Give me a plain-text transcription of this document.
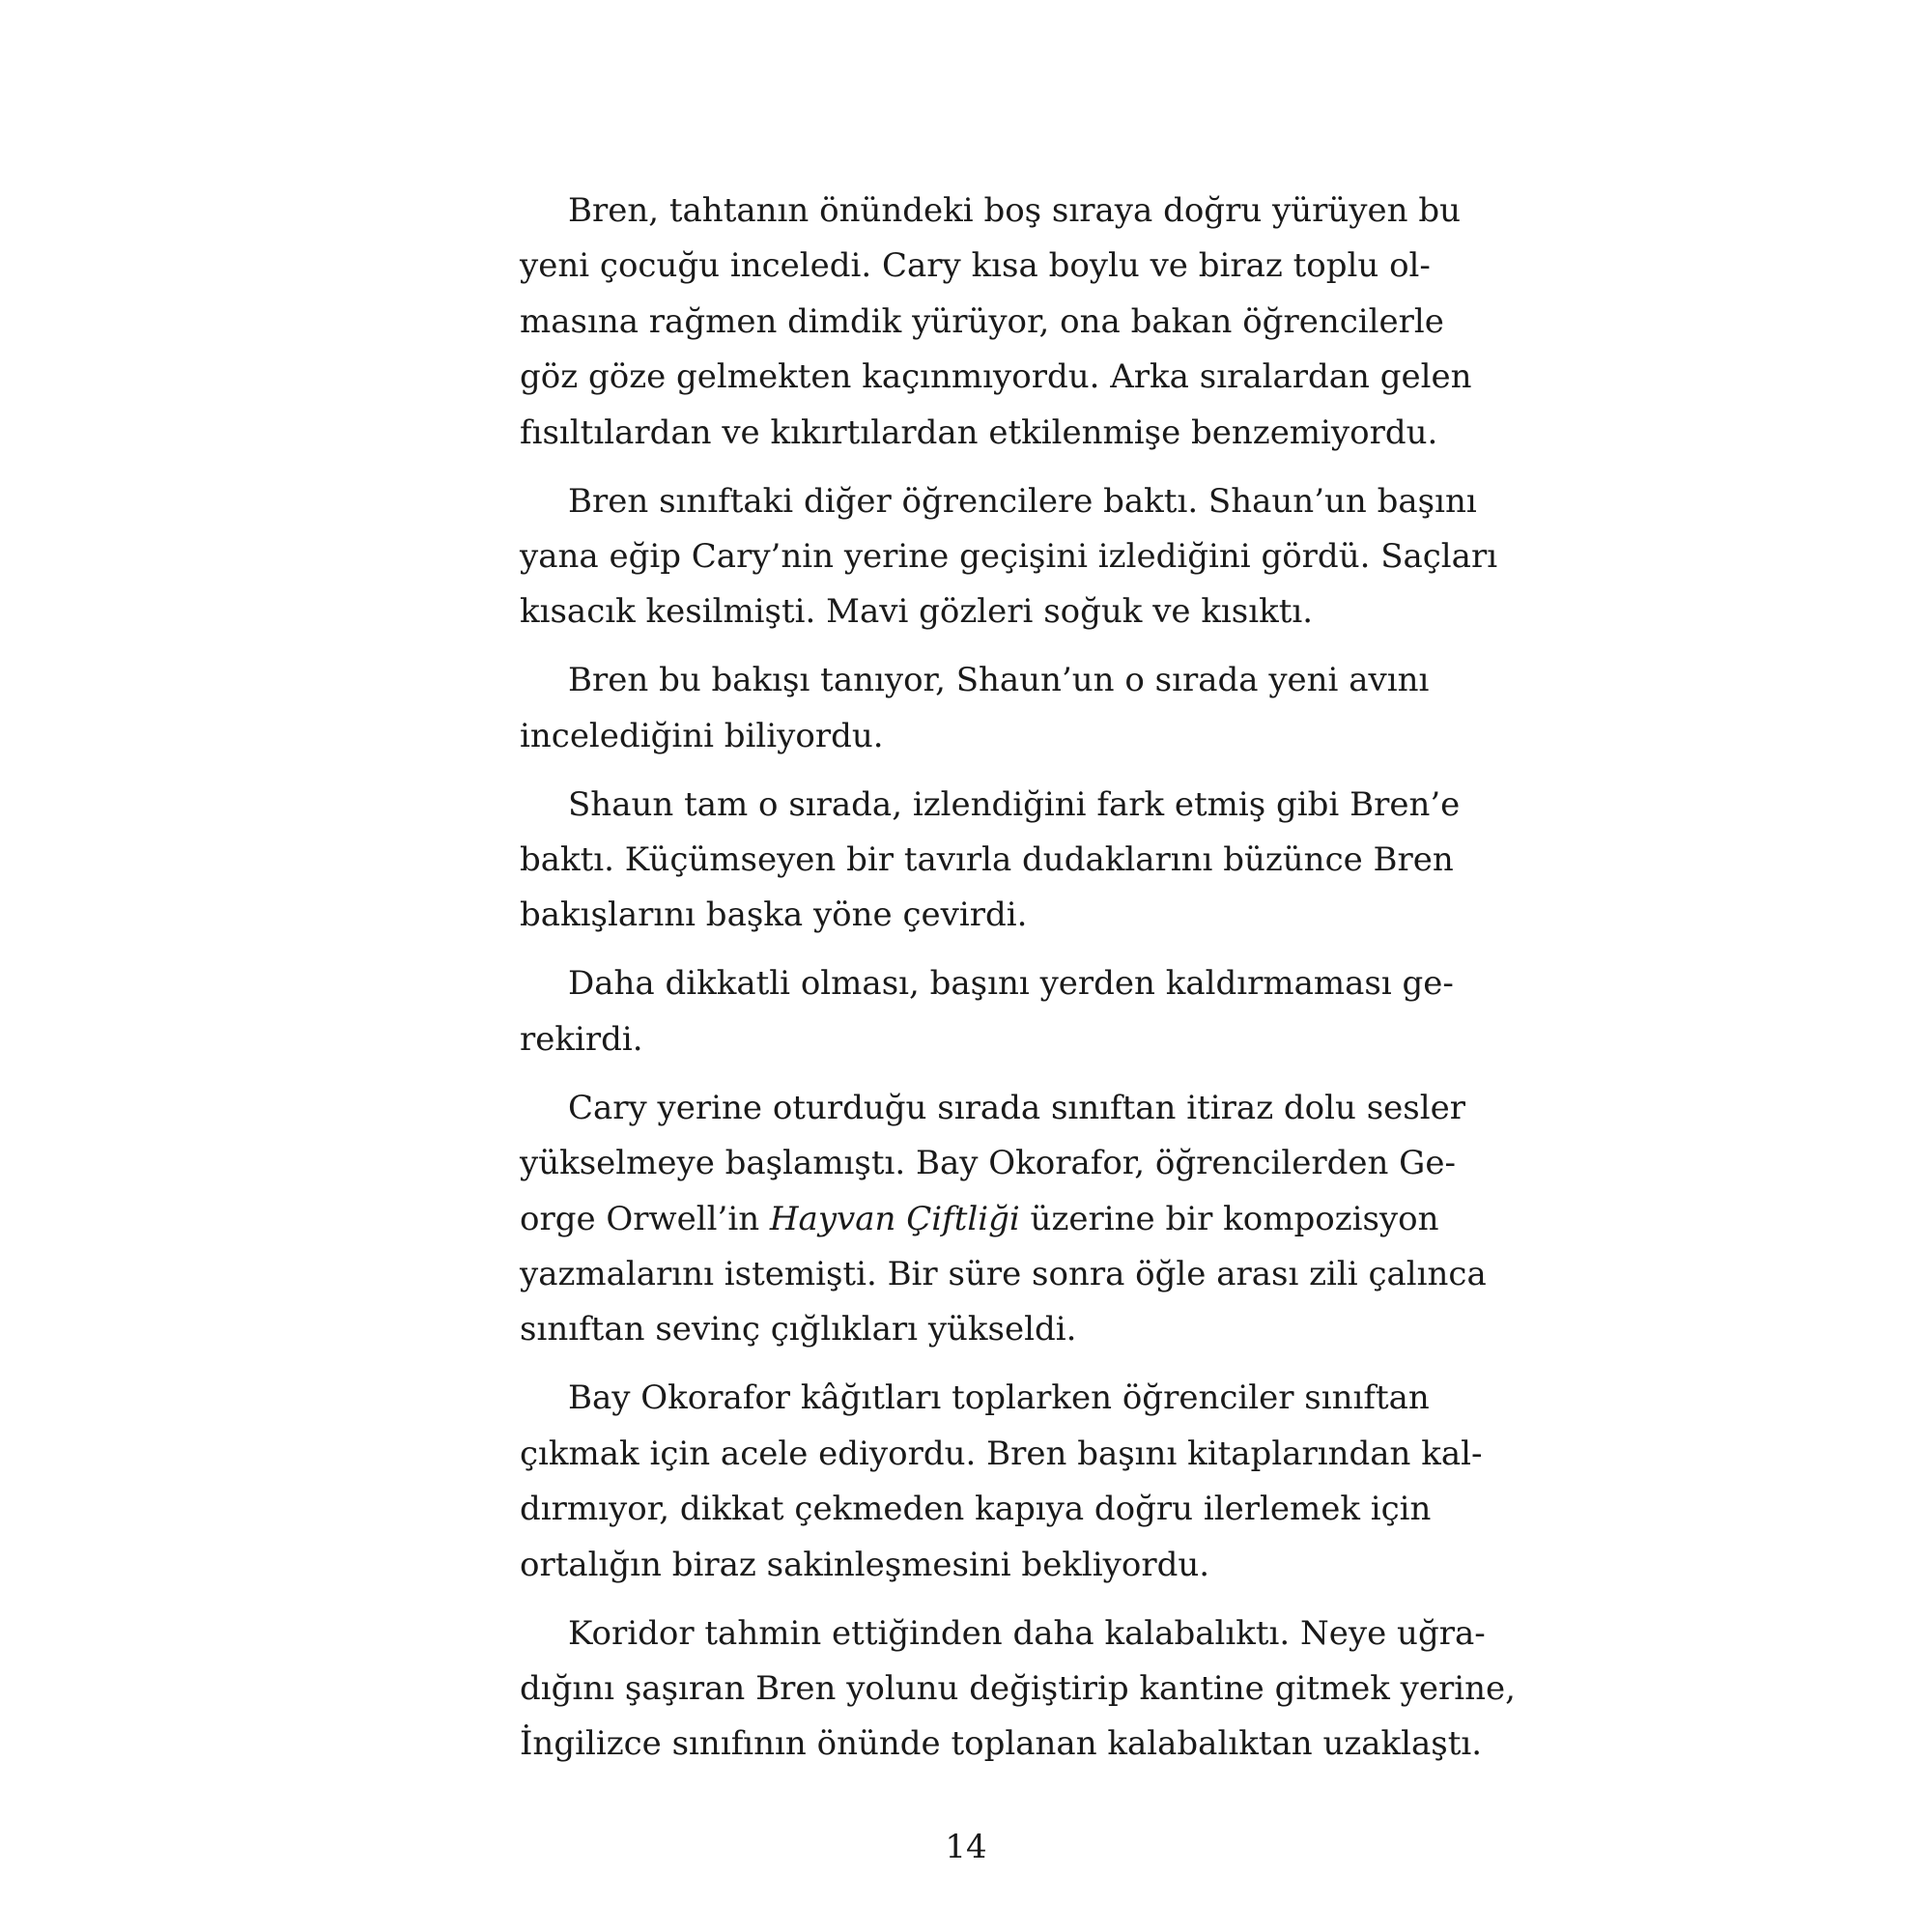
Bren, tahtanın önündeki boş sıraya doğru yürüyen bu
yeni çocuğu inceledi. Cary kısa boylu ve biraz toplu ol-
masına rağmen dimdik yürüyor, ona bakan öğrencilerle
göz göze gelmekten kaçınmıyordu. Arka sıralardan gelen
fısıltılardan ve kıkırtılardan etkilenmişe benzemiyordu.
Bren sınıftaki diğer öğrencilere baktı. Shaun’un başını
yana eğip Cary’nin yerine geçişini izlediğini gördü. Saçları
kısacık kesilmişti. Mavi gözleri soğuk ve kısıktı.
Bren bu bakışı tanıyor, Shaun’un o sırada yeni avını
incelediğini biliyordu.
Shaun tam o sırada, izlendiğini fark etmiş gibi Bren’e
baktı. Küçümseyen bir tavırla dudaklarını büzünce Bren
bakışlarını başka yöne çevirdi.
Daha dikkatli olması, başını yerden kaldırmaması ge-
rekirdi.
Cary yerine oturduğu sırada sınıftan itiraz dolu sesler
yükselmeye başlamıştı. Bay Okorafor, öğrencilerden Ge-
orge Orwell’in Hayvan Çiftliği üzerine bir kompozisyon
yazmalarını istemişti. Bir süre sonra öğle arası zili çalınca
sınıftan sevinç çığlıkları yükseldi.
Bay Okorafor kâğıtları toplarken öğrenciler sınıftan
çıkmak için acele ediyordu. Bren başını kitaplarından kal-
dırmıyor, dikkat çekmeden kapıya doğru ilerlemek için
ortalığın biraz sakinleşmesini bekliyordu.
Koridor tahmin ettiğinden daha kalabalıktı. Neye uğra-
dığını şaşıran Bren yolunu değiştirip kantine gitmek yerine,
İngilizce sınıfının önünde toplanan kalabalıktan uzaklaştı.
14
